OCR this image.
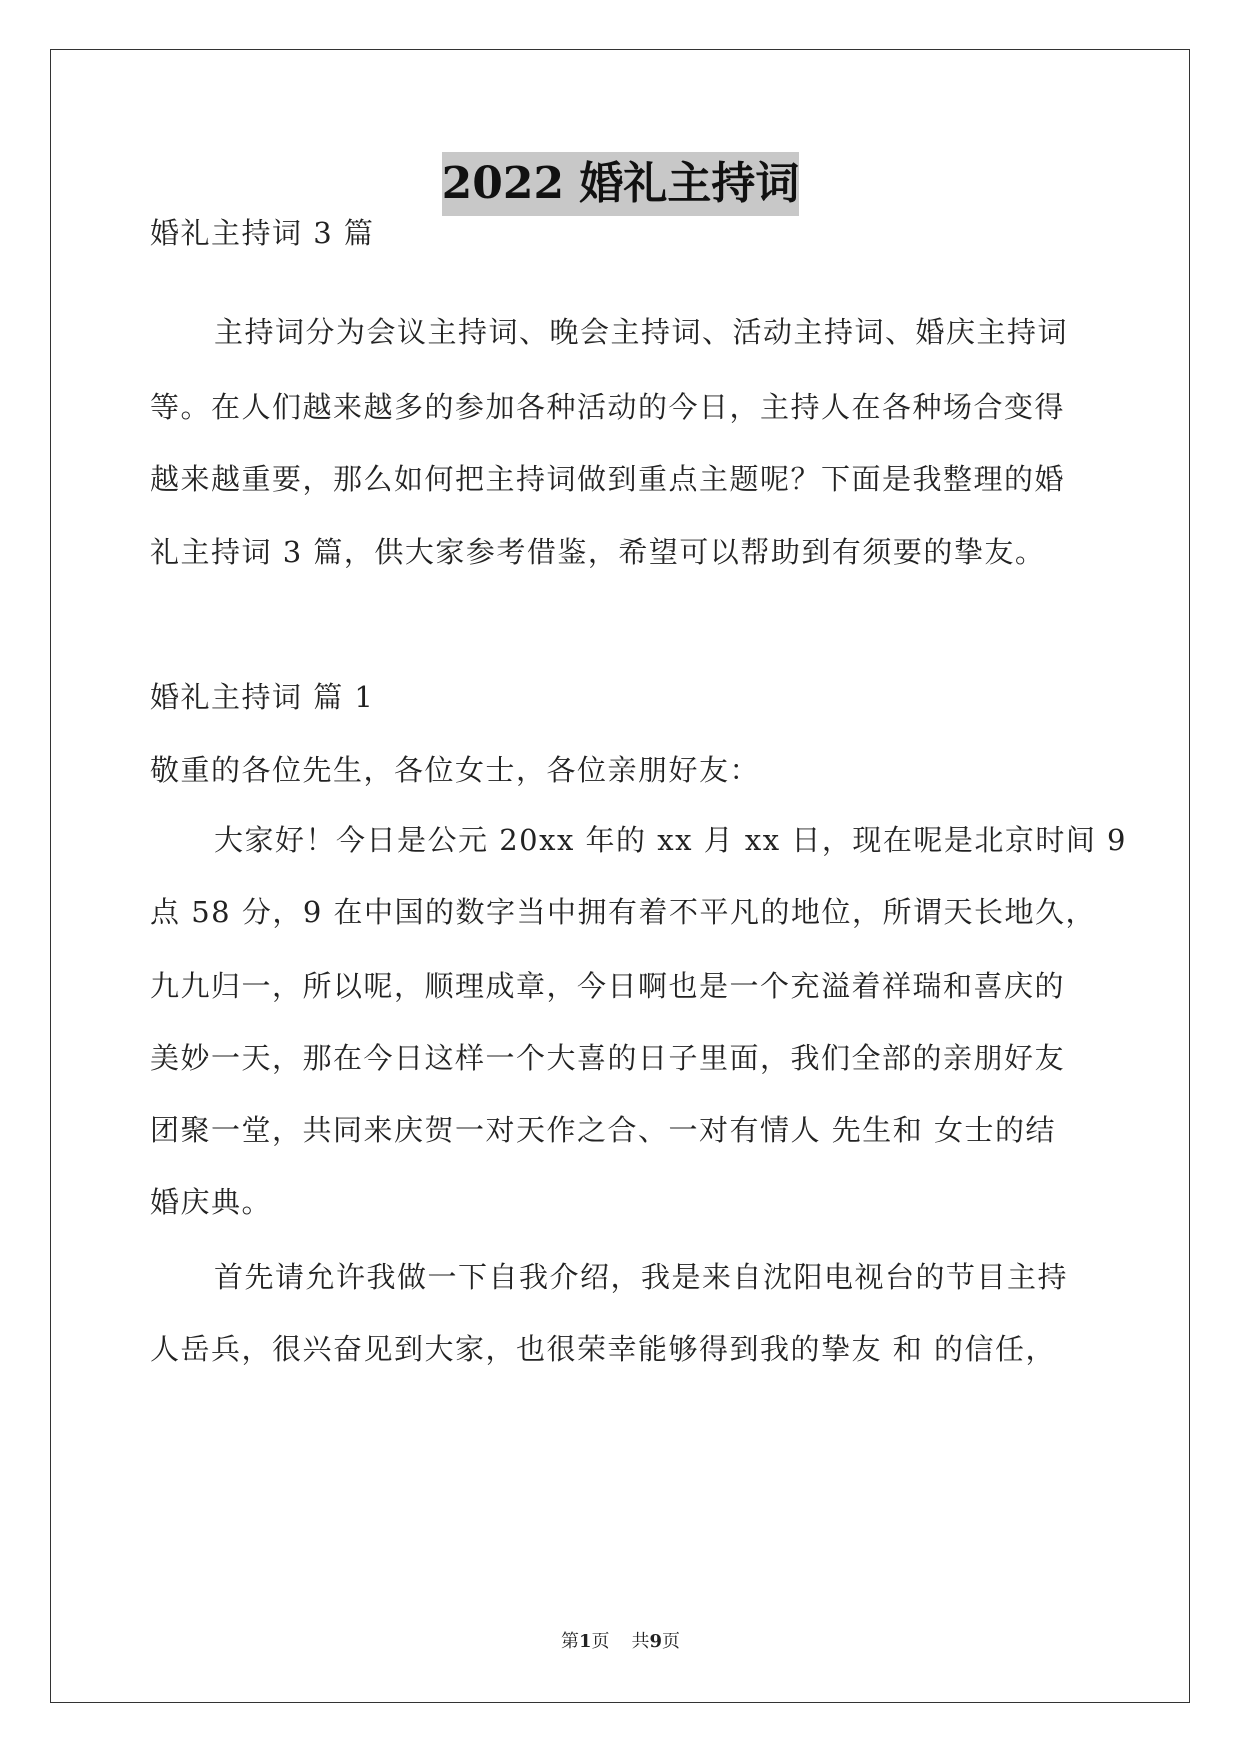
2022 婚礼主持词
婚礼主持词 3 篇
主持词分为会议主持词、晚会主持词、活动主持词、婚庆主持词
等。在人们越来越多的参加各种活动的今日，主持人在各种场合变得
越来越重要，那么如何把主持词做到重点主题呢？下面是我整理的婚
礼主持词 3 篇，供大家参考借鉴，希望可以帮助到有须要的挚友。
婚礼主持词 篇 1
敬重的各位先生，各位女士，各位亲朋好友：
大家好！今日是公元 20xx 年的 xx 月 xx 日，现在呢是北京时间 9
点 58 分，9 在中国的数字当中拥有着不平凡的地位，所谓天长地久，
九九归一，所以呢，顺理成章，今日啊也是一个充溢着祥瑞和喜庆的
美妙一天，那在今日这样一个大喜的日子里面，我们全部的亲朋好友
团聚一堂，共同来庆贺一对天作之合、一对有情人 先生和 女士的结
婚庆典。
首先请允许我做一下自我介绍，我是来自沈阳电视台的节目主持
人岳兵，很兴奋见到大家，也很荣幸能够得到我的挚友 和 的信任，
第1页 共9页
